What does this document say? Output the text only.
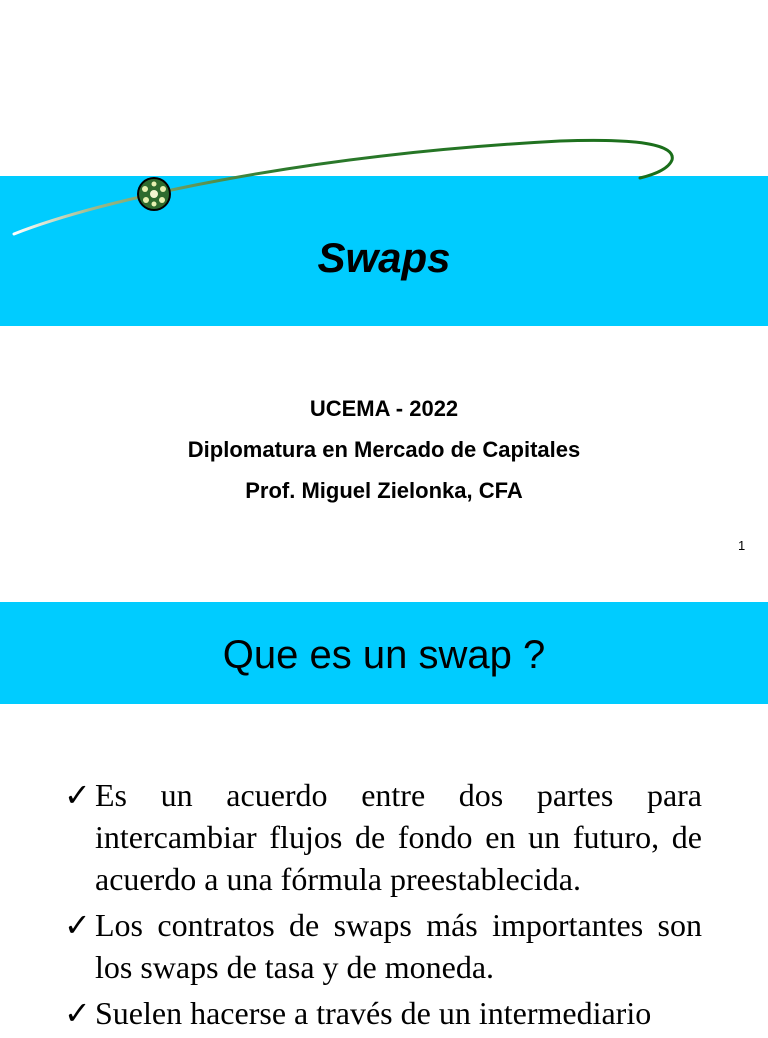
Swaps
UCEMA - 2022
Diplomatura en Mercado de Capitales
Prof. Miguel Zielonka, CFA
1
Que es un swap ?
✓ Es un acuerdo entre dos partes para intercambiar flujos de fondo en un futuro, de acuerdo a una fórmula preestablecida.
✓ Los contratos de swaps más importantes son los swaps de tasa y de moneda.
✓ Suelen hacerse a través de un intermediario
